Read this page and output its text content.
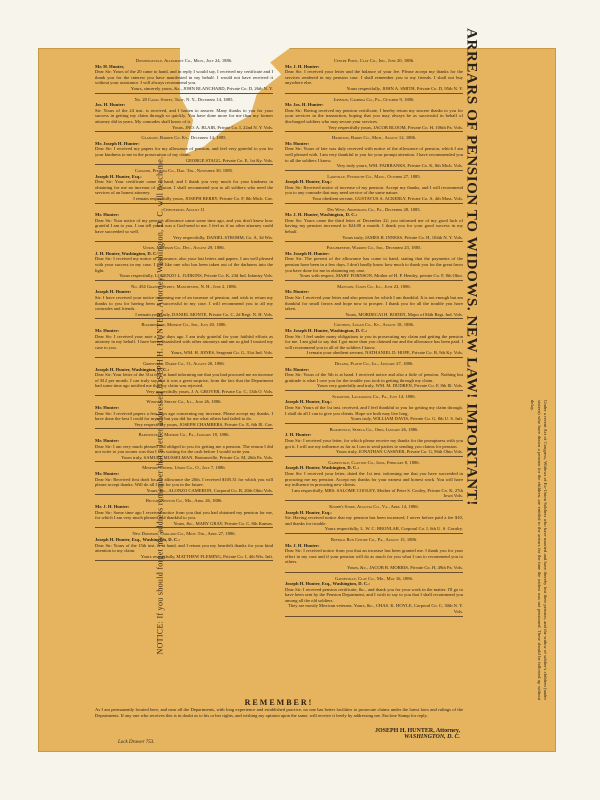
NOTICE: If you should forget my address remember that a letter addressed JOSEPH H. HUNTER, Attorney, Washington, D. C. will reach me.
Downingsville, Alleghany Co., Mich., July 24, 1886.
Mr. H. Hunter,
Dear Sir: Yours of the 20 came to hand, and in reply I would say, I received my certificate and I thank you for the interest you have manifested in my behalf. I would not have received it without your assistance. I will always recommend you.
Yours, sincerely yours, &c., JOHN BLANCHARD, Private Co. D, 26th N. Y.
No. 28 Canal Street, Troy, N. Y., December 14, 1885.
Jos. H. Hunter:
Sir: Yours of the 24 inst. is received, and I hasten to answer. Many thanks to you for your success in getting my claim through so quickly. You have done more for me than my former attorney did in years. My comrades shall know of it.
Yours, JNO. A. BLAIR, Private Co. I, 22nd N. Y. Vols.
Glasgow, Barren Co. Ky., December 14, 1885.
Mr. Joseph H. Hunter:
Dear Sir: I received my papers for my allowance of pension, and feel very grateful to you for your kindness to me in the prosecution of my claim.
GEORGE STAGG, Private Co. E, 1st Ky. Vols.
Cavalier, Pembina Co., Dak. Ter., November 30, 1885.
Joseph H. Hunter, Esq.:
Dear Sir: Your certificate came to hand, and I thank you very much for your kindness in obtaining for me an increase of pension. I shall recommend you to all soldiers who need the services of an honest attorney.
I remain respectfully yours, JOSEPH BERRY, Private Co. F, 8th Mich. Cav.
Chesterton, August 11
Mr. Hunter:
Dear Sir: Your notice of my pension allowance came some time ago, and you don't know how grateful I am to you. I can tell you it was a God-send to me. I feel as if no other attorney could have succeeded so well.
Very respectfully, DANIEL STROHM, Co. A, 3d Wis.
Union, Jefferson Co., Dec., August 29, 1886.
J. H. Hunter, Washington, D. C.
Dear Sir: I received my notice of allowance, also your last letters and papers. I am well pleased with your success in my case. I feel like one who has been taken out of the darkness into the light.
Yours respectfully, LORENZO L. JUDKINS, Private Co. K, 23d Ind. Infantry Vols.
No. 454 Granite Street, Manchester, N. H., June 2, 1886.
Joseph H. Hunter:
Sir: I have received your notice informing me of an increase of pension, and wish to return my thanks to you for having been so successful in my case. I will recommend you to all my comrades and friends.
I remain your truly, DANIEL MONTE, Private Co. C, 2d Regt. N. H. Vols.
Bloomington, Monroe Co., Ind., July 20, 1886.
Mr. Hunter:
Dear Sir: I received your note a few days ago. I am truly grateful for your faithful efforts as attorney in my behalf. I have been dissatisfied with other attorneys and am so glad I trusted my case to you.
Yours, WM. H. JONES, Sergeant Co. G, 31st Ind. Vols.
Greenville, Darke Co., O., August 20, 1886.
Joseph H. Hunter, Washington, D. C.:
Dear Sir: Your letter of the 31st inst. at hand informing me that you had procured me an increase of $12 per month. I can truly say that it was a great surprise, from the fact that the Department had some time ago notified me that my claim was rejected.
Very respectfully yours, J. A. GROVER, Private Co. C, 13th O. Vols.
Windsor, Shelby Co., Ill., June 26, 1886.
Mr. Hunter:
Dear Sir: I received papers a few days ago concerning my increase. Please accept my thanks. I have done the best I could for myself but you did for me what others had failed to do.
Very respectfully yours, JOSEPH CHAMBERS, Private Co. E, 6th Ill. Cav.
Bartonsville, Monroe Co., Pa., January 18, 1886.
Mr. Hunter:
Dear Sir: I am very much pleased and obliged to you for getting me a pension. The reason I did not write to you sooner was that I was waiting for the cash before I would write you.
Yours truly, SAMUEL MUSSELMAN, Bartonsville, Private Co. M, 26th Pa. Vols.
Medford Center, Union Co., O., July 7, 1886.
Mr. Hunter:
Dear Sir: Received first draft for my allowance the 20th. I received $105.31 for which you will please accept thanks. Will do all I can for you in the future.
Yours, &c., ALONZO CAMERON, Corporal Co. B, 20th Ohio Vols.
Hector, Newton Co., Mo., April 26, 1886.
Mr. J. H. Hunter:
Dear Sir: Some time ago I received notice from you that you had obtained my pension for me, for which I am very much pleased and thankful to you.
Yours, &c., MARY GRAY, Private Co. C, 8th Kansas.
New Dominion, Oakland Co., Mich. Ter., April 27, 1886.
Joseph H. Hunter, Esq., Washington, D. C.:
Dear Sir: Yours of the 15th inst. is at hand, and I return you my heartfelt thanks for your kind attention to my claim.
Yours respectfully, MATTHEW FLEMING, Private Co. I, 4th Wis. Inft.
Centre Point, Clay Co., Ind., June 20, 1886.
Mr. J. H. Hunter:
Dear Sir: I received your letter and the balance of your fee. Please accept my thanks for the services rendered in my pension case. I shall remember you to my friends. I shall not buy anywhere else.
Yours respectfully, JOHN A. SMITH, Private Co. D, 95th N. Y.
Johnson, Cambria Co., Pa., October 9, 1886.
Mr. Jos. H. Hunter:
Dear Sir: Having received my pension certificate, I hereby return my sincere thanks to you for your services in the transaction, hoping that you may always be as successful in behalf of discharged soldiers who may secure your services.
Very respectfully yours, JACOB BLOOM, Private Co. H, 106th Pa. Vols.
Hamilton, Barry Co., Mich., August 12, 1886.
Mr. Hunter:
Dear Sir: Yours of late was duly received with notice of the allowance of pension, which I am well pleased with. I am very thankful to you for your prompt attention. I have recommended you to all the soldiers I know.
Very truly yours, WM. FAIRBANKS, Private Co. K, 8th Mich. Vols.
Lakeville, Plymouth Co., Mass., October 27, 1885.
Joseph H. Hunter, Esq.:
Dear Sir: Received notice of increase of my pension. Accept my thanks, and I will recommend you to any comrade that may need service of the same nature.
Your obedient servant, GUSTAVUS A. ACKERLY, Private Co. A, 4th Mass. Vols.
Des West, Armstrong Co., Pa., December 28, 1885.
Mr. J. H. Hunter, Washington, D. C.:
Dear Sir: Yours came the third letter of December 22; you informed me of my good luck of having my pension increased to $24.00 a month. I thank you for your good success in my behalf.
Yours truly, JAMES B. INNESS, Private Co. H, 104th N. Y. Vols.
Poughkeepsie, Warren Co., Ind., December 23, 1885.
Mr. Joseph H. Hunter:
Dear Sir: The present of the allowance has come to hand, stating that the payments of the pension have been in a few days. I don't hardly know how much to thank you for the great favor you have done for me in obtaining my case.
Yours with respect, MARY FORNSON, Mother of H. P. Hendry, private Co. F, 8th Ohio.
Mattoon, Coles Co., Ill., June 23, 1886.
Mr. Hunter:
Dear Sir: I received your letter and also pension for which I am thankful. It is not enough but am thankful for small favors and hope now to prosper. I thank you for all the trouble you have taken.
Yours, MORDECAI H. BODEN, Major of 84th Regt. Ind. Vols.
Coushow, Logan Co., Ky., August 18, 1886.
Mr. Joseph H. Hunter, Washington, D. C.:
Dear Sir: I feel under many obligations to you in prosecuting my claim and getting the pension for me. I am glad to say that I got more than you claimed me and the allowance has been paid. I will recommend you to all of the soldiers I know.
I remain your obedient servant, NATHANIEL D. HOPE, Private Co. B, 9th Ky. Vols.
Delano, Platte Co., Ill., January 27, 1886.
Mr. Hunter:
Dear Sir: Yours of the 5th is at hand. I received notice and also a little of pension. Nothing but gratitude is what I owe you for the trouble you took in getting through my claim.
Yours very gratefully and truly, WM. M. DUDREN, Private Co. F, 8th Ill. Vols.
Scranton, Lackawana Co., Pa., July 14, 1886.
Joseph H. Hunter, Esq.:
Dear Sir: Yours of the 1st inst. received, and I feel thankful to you for getting my claim through. I shall do all I can to give you clients. Hope we both may live long.
Yours truly, WILLIAM DAVIS, Private Co. G, 8th U. S. Inft.
Bloomville, Seneca Co., Ohio, January 26, 1886.
J. H. Hunter:
Dear Sir: I received your letter, for which please receive my thanks for the promptness with you got it. I will use my influence as far as I can to send parties to sending you claims for pension.
Yours truly, JONATHAN CASSNER, Private Co. G, 96th Ohio Vols.
Gainesville, Clayton Co., Iowa, February 8, 1886.
Joseph H. Hunter, Washington, D. C.:
Dear Sir: I received your letter, dated the 1st inst. informing me that you have succeeded in procuring me my pension. Accept my thanks for your earnest and honest work. You will have my influence in procuring new clients.
I am respectfully, MRS. SALOME COOLEY, Mother of Peter S. Cooley, Private Co. K, 27th Iowa Vols.
Knobb's Store, Augusta Co., Va., April 14, 1886.
Joseph H. Hunter, Esq.:
Sir: Having received notice that my pension has been increased, I never before paid a fee $10, and thanks for trouble.
Yours respectfully, L. W. C. BRONLAR, Corporal Co. I, 6th U. S. Cavalry.
Buffalo Run Centre Co., Pa., August 15, 1886.
Mr. J. H. Hunter:
Dear Sir: I received notice from you that an increase has been granted me. I thank you for your effort in my case and if your pension will do as much for you what I can to recommend you to others.
Yours, &c., JACOB B. MORRIS, Private Co. H, 49th Pa. Vols.
Gainesville, Clay Co., Mo., May 16, 1886.
Joseph H. Hunter, Esq., Washington, D. C.:
Dear Sir: I received pension certificate, &c., and thank you for your work in the matter. I'll go to have been sent by the Pension Department, and I wish to say to you that I shall recommend you among all the old soldiers.
They are mostly Mexican veterans. Yours, &c., CHAS. K. HOYLE, Corporal Co. C, 30th N. Y. Vols.
ARREARS OF PENSION TO WIDOWS. NEW LAW! IMPORTANT!
Under a recent Act of Congress, Widows of Ex-Union Soldiers who have married and have thereby lost their pension, and the widow of soldier's children (under sixteen) who have drawn a pension for the children, are entitled to the arrears for the time the widow was not pensioned. These should be followed up without delay.
REMEMBER!
As I am permanently located here, and near all the Departments, with long experience and established practice, no one has better facilities to prosecute claims under the latest laws and rulings of the Departments. If any one who receives this is in doubt as to his or her rights, and wishing my opinion upon the same, will receive it freely by addressing me. Enclose Stamp for reply.
JOSEPH H. HUNTER, Attorney,
WASHINGTON, D. C.
Lock Drawer 753.
